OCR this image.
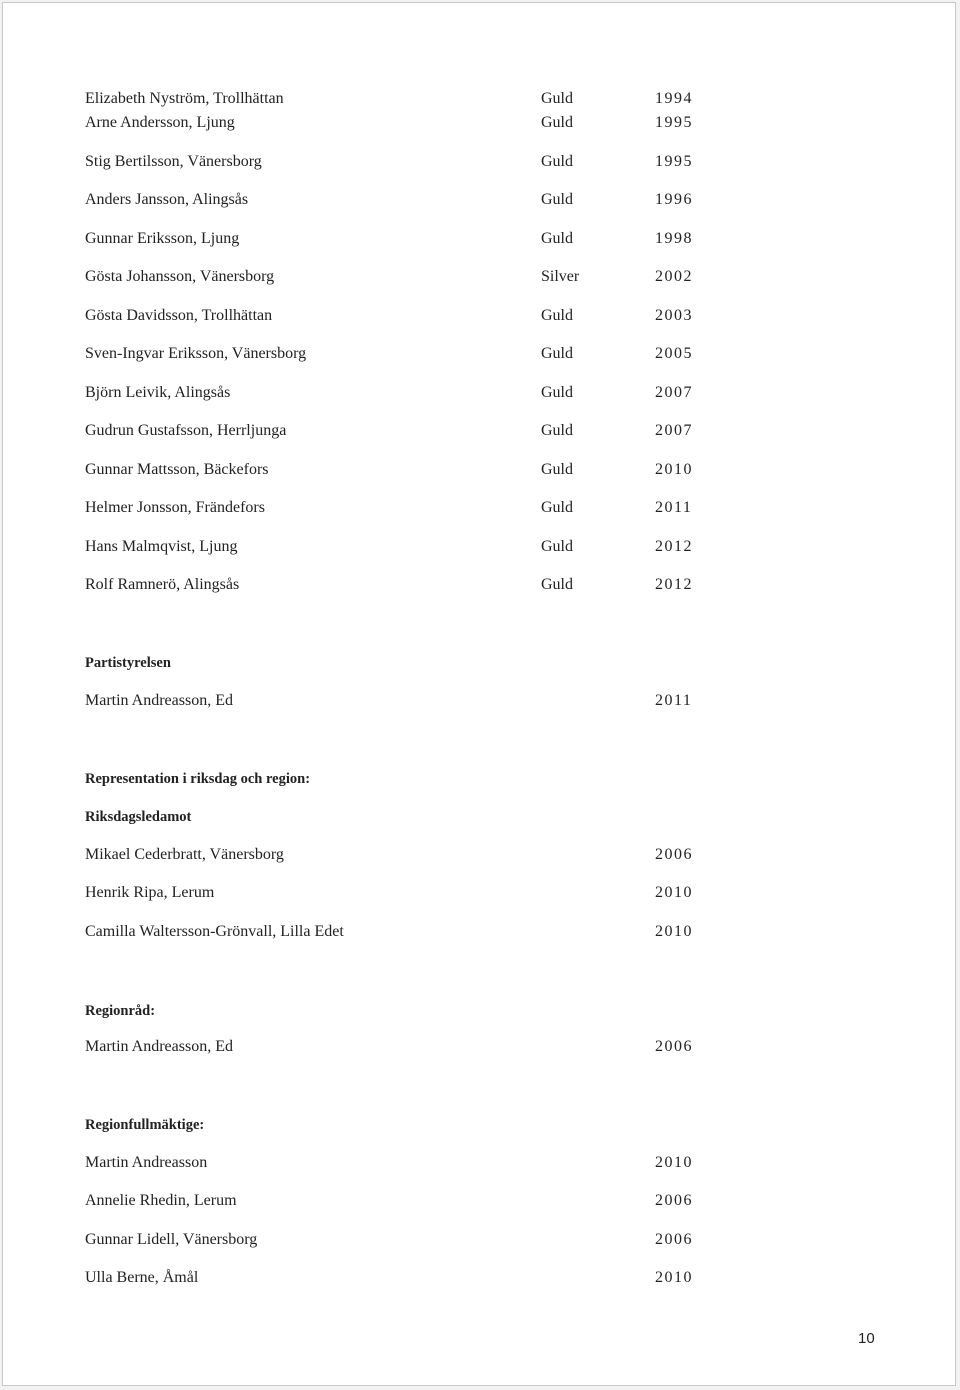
Elizabeth Nyström, Trollhättan	Guld	1994
Arne Andersson, Ljung	Guld	1995
Stig Bertilsson, Vänersborg	Guld	1995
Anders Jansson, Alingsås	Guld	1996
Gunnar Eriksson, Ljung	Guld	1998
Gösta Johansson, Vänersborg	Silver	2002
Gösta Davidsson, Trollhättan	Guld	2003
Sven-Ingvar Eriksson, Vänersborg	Guld	2005
Björn Leivik, Alingsås	Guld	2007
Gudrun Gustafsson, Herrljunga	Guld	2007
Gunnar Mattsson, Bäckefors	Guld	2010
Helmer Jonsson, Frändefors	Guld	2011
Hans Malmqvist, Ljung	Guld	2012
Rolf Ramnerö, Alingsås	Guld	2012
Partistyrelsen
Martin Andreasson, Ed	2011
Representation i riksdag och region:
Riksdagsledamot
Mikael Cederbratt, Vänersborg	2006
Henrik Ripa, Lerum	2010
Camilla Waltersson-Grönvall, Lilla Edet	2010
Regionråd:
Martin Andreasson, Ed	2006
Regionfullmäktige:
Martin Andreasson	2010
Annelie Rhedin, Lerum	2006
Gunnar Lidell, Vänersborg	2006
Ulla Berne, Åmål	2010
10
